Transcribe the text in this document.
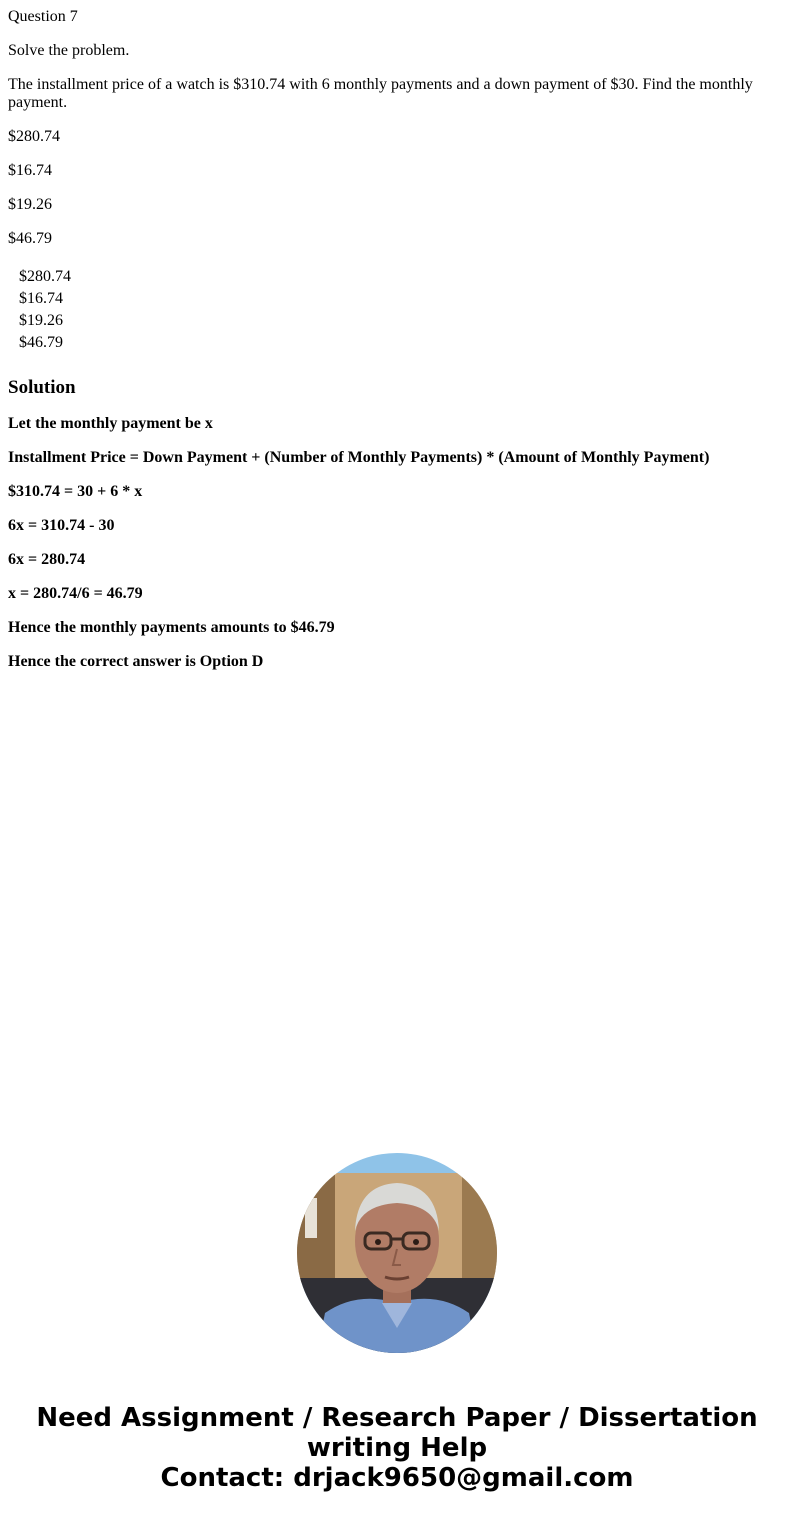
Question 7

Solve the problem.

The installment price of a watch is $310.74 with 6 monthly payments and a down payment of $30. Find the monthly payment.

$280.74

$16.74

$19.26

$46.79

$280.74
$16.74
$19.26
$46.79
Solution

Let the monthly payment be x

Installment Price = Down Payment + (Number of Monthly Payments) * (Amount of Monthly Payment)

$310.74 = 30 + 6 * x

6x = 310.74 - 30

6x = 280.74

x = 280.74/6 = 46.79

Hence the monthly payments amounts to $46.79

Hence the correct answer is Option D

Need Assignment / Research Paper / Dissertation
writing Help
Contact: drjack9650@gmail.com
